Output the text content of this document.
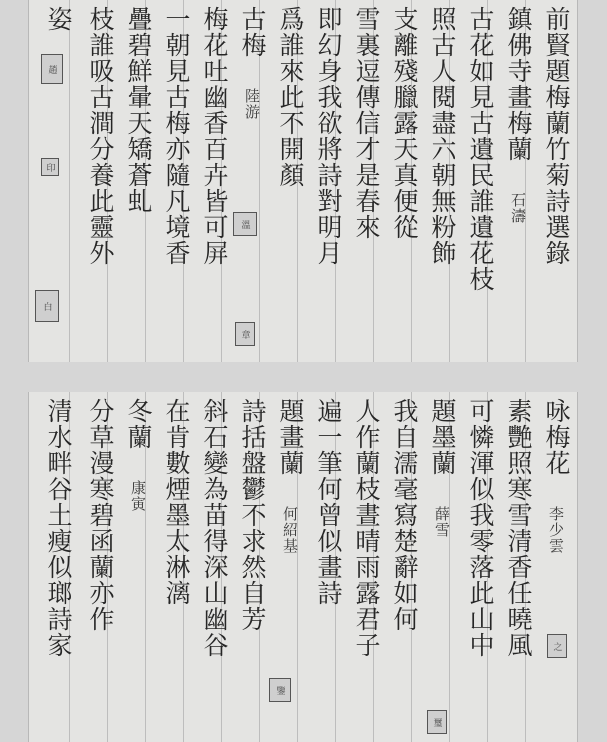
前賢題梅蘭竹菊詩選錄
鎮佛寺畫梅蘭 石濤
古花如見古遺民誰遺花枝
照古人閱盡六朝無粉飾
支離殘臘露天真便從
雪裏逗傳信才是春來
即幻身我欲將詩對明月
爲誰來此不開顏
古梅 陸游
梅花吐幽香百卉皆可屏
一朝見古梅亦隨凡境香
疊碧鮮暈天矯蒼虬
枝誰吸古澗分養此靈外
姿
趙
印
白
溫
章
咏梅花 李少雲
素艷照寒雪清香任曉風
可憐渾似我零落此山中
題墨蘭 薛雪
我自濡毫寫楚辭如何
人作蘭枝晝晴雨露君子
遍一筆何曾似畫詩
題畫蘭 何紹基
詩括盤鬱不求然自芳
斜石變為苗得深山幽谷
在肯數煙墨太淋漓
冬蘭 康寅
分草漫寒碧函蘭亦作
清水畔谷土瘦似瑯詩家	之
鑒
璽
